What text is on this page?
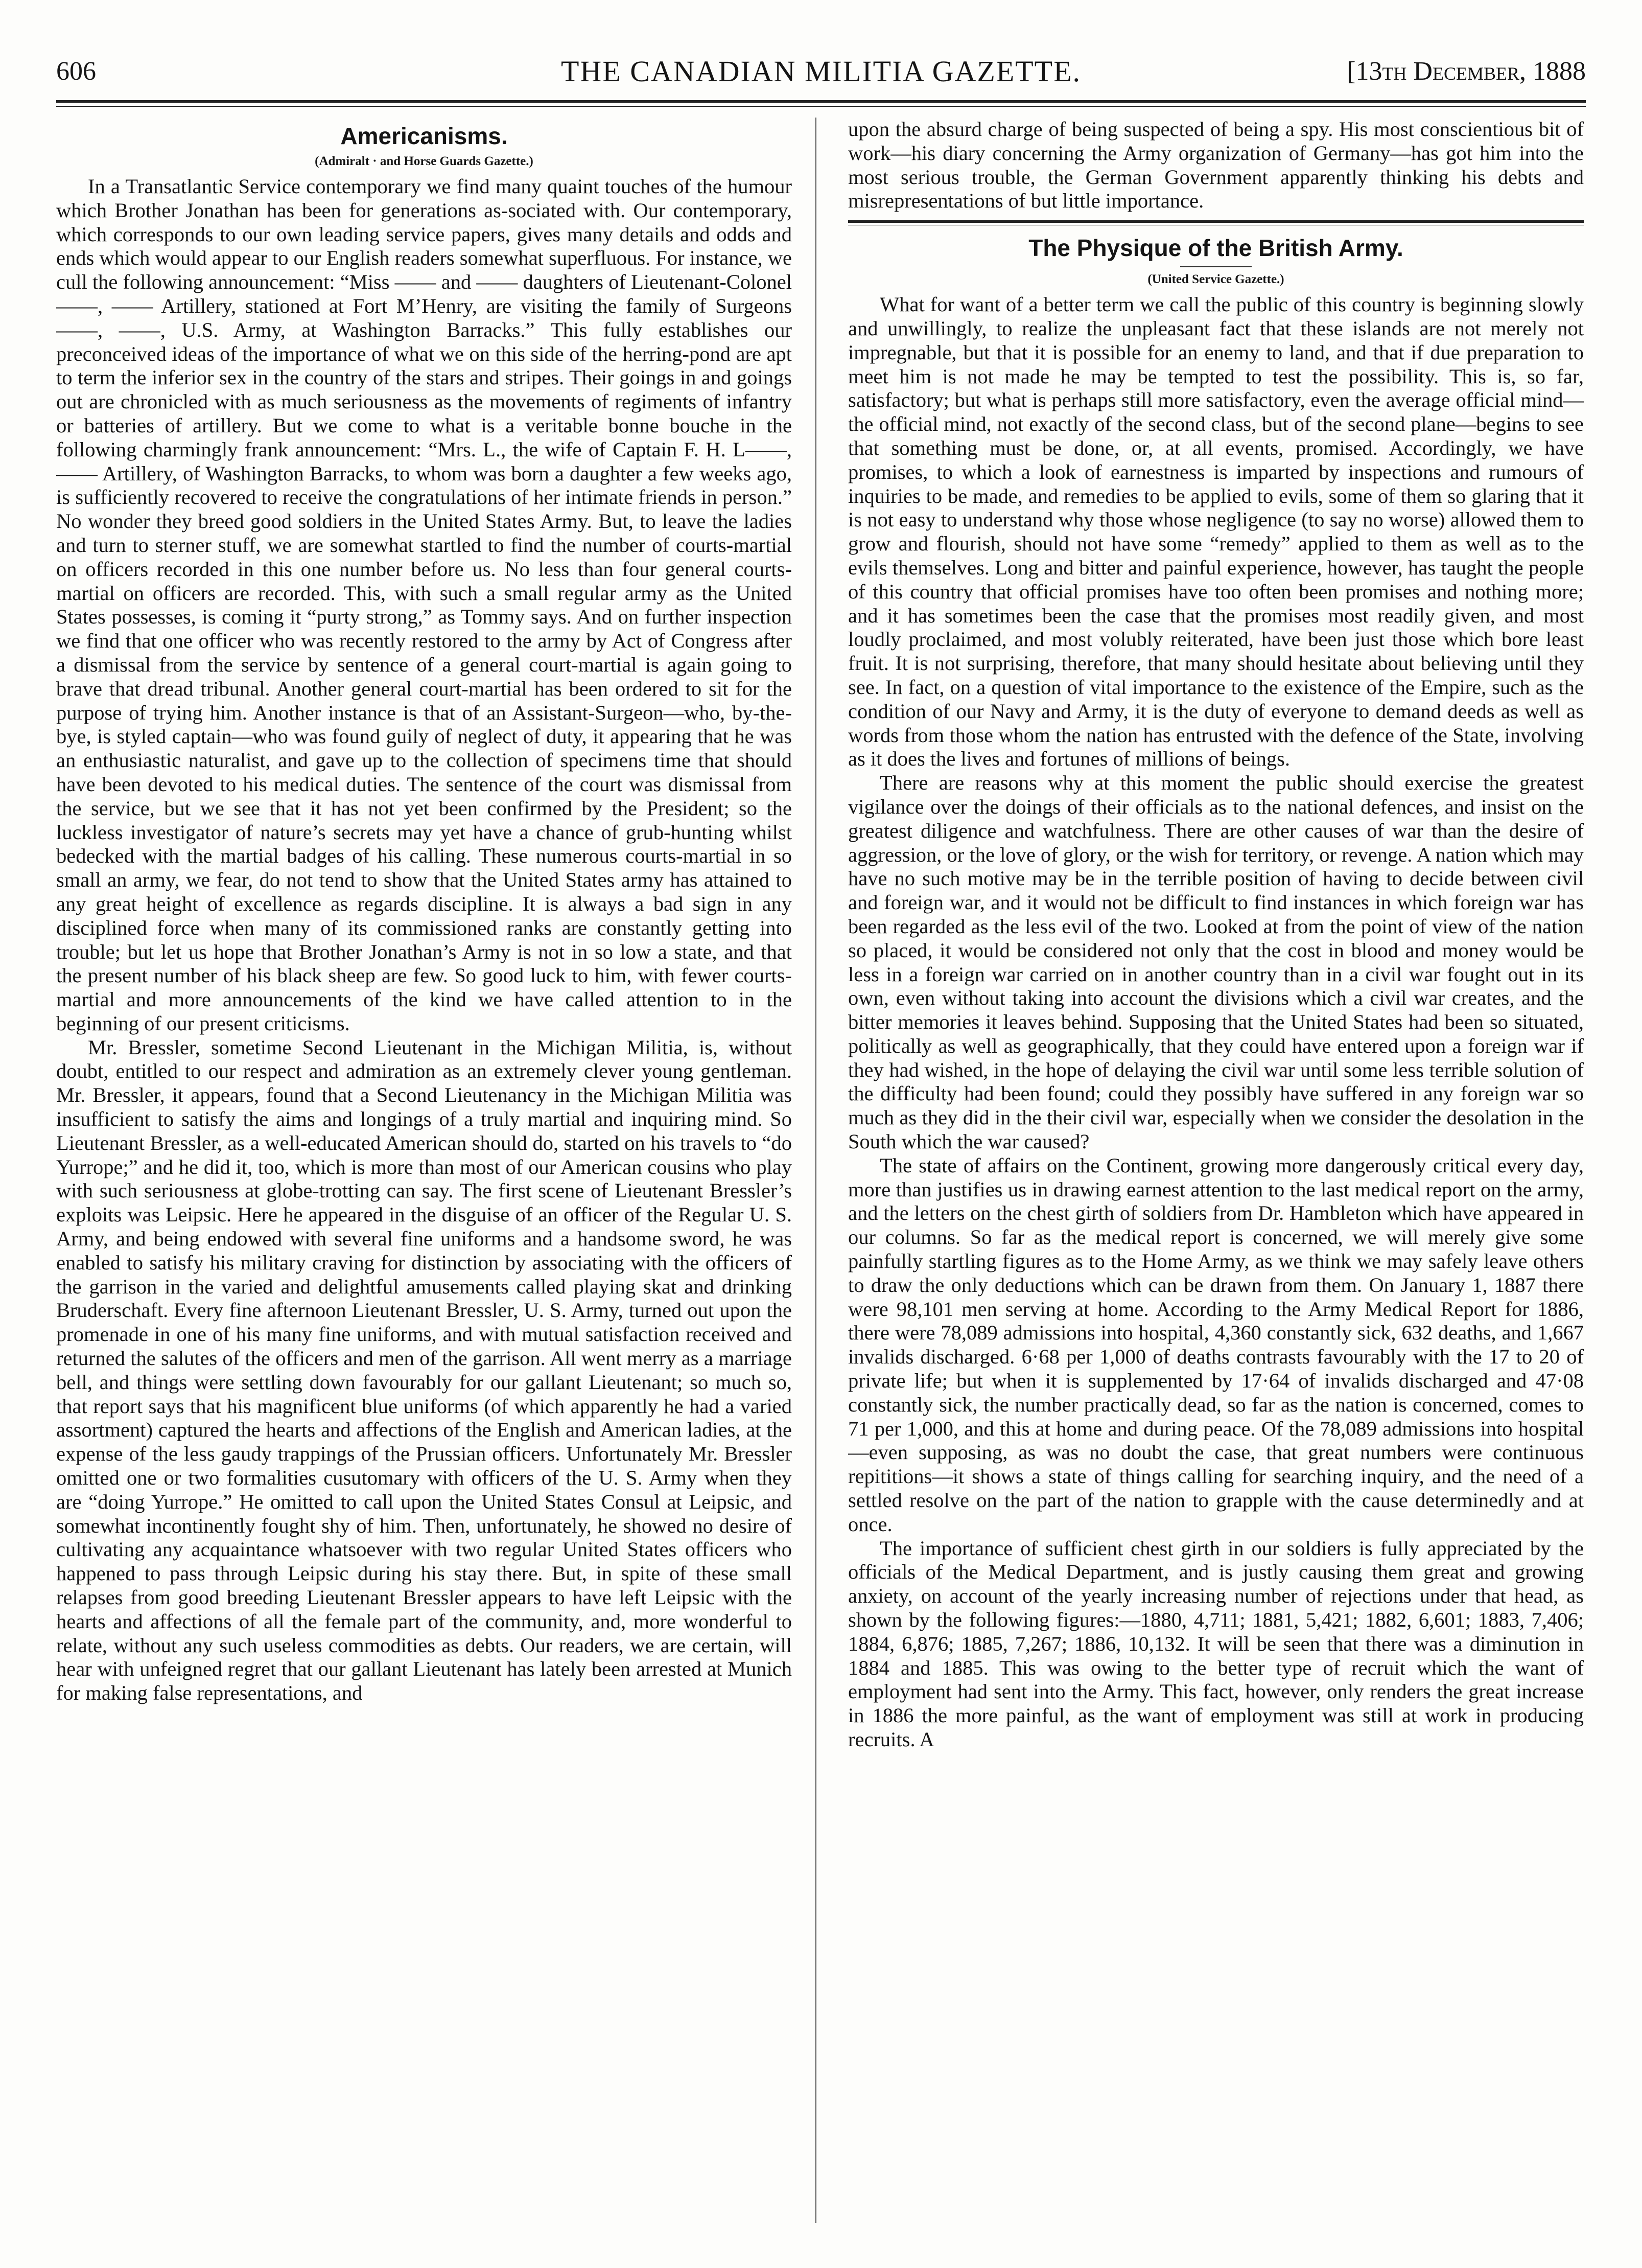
606	THE CANADIAN MILITIA GAZETTE.	[13th December, 1888
Americanisms.
(Admiralt · and Horse Guards Gazette.)

In a Transatlantic Service contemporary we find many quaint touches of the humour which Brother Jonathan has been for generations as-sociated with. Our contemporary, which corresponds to our own leading service papers, gives many details and odds and ends which would appear to our English readers somewhat superfluous. For instance, we cull the following announcement: “Miss —— and —— daughters of Lieutenant-Colonel ——, —— Artillery, stationed at Fort M’Henry, are visiting the family of Surgeons ——, ——, U.S. Army, at Washington Barracks.” This fully establishes our preconceived ideas of the importance of what we on this side of the herring-pond are apt to term the inferior sex in the country of the stars and stripes. Their goings in and goings out are chronicled with as much seriousness as the movements of regiments of infantry or batteries of artillery. But we come to what is a veritable bonne bouche in the following charmingly frank announcement: “Mrs. L., the wife of Captain F. H. L——, —— Artillery, of Washington Barracks, to whom was born a daughter a few weeks ago, is sufficiently recovered to receive the congratulations of her intimate friends in person.” No wonder they breed good soldiers in the United States Army. But, to leave the ladies and turn to sterner stuff, we are somewhat startled to find the number of courts-martial on officers recorded in this one number before us. No less than four general courts-martial on officers are recorded. This, with such a small regular army as the United States possesses, is coming it “purty strong,” as Tommy says. And on further inspection we find that one officer who was recently restored to the army by Act of Congress after a dismissal from the service by sentence of a general court-martial is again going to brave that dread tribunal. Another general court-martial has been ordered to sit for the purpose of trying him. Another instance is that of an Assistant-Surgeon—who, by-the-bye, is styled captain—who was found guily of neglect of duty, it appearing that he was an enthusiastic naturalist, and gave up to the collection of specimens time that should have been devoted to his medical duties. The sentence of the court was dismissal from the service, but we see that it has not yet been confirmed by the President; so the luckless investigator of nature’s secrets may yet have a chance of grub-hunting whilst bedecked with the martial badges of his calling. These numerous courts-martial in so small an army, we fear, do not tend to show that the United States army has attained to any great height of excellence as regards discipline. It is always a bad sign in any disciplined force when many of its commissioned ranks are constantly getting into trouble; but let us hope that Brother Jonathan’s Army is not in so low a state, and that the present number of his black sheep are few. So good luck to him, with fewer courts-martial and more announcements of the kind we have called attention to in the beginning of our present criticisms.

Mr. Bressler, sometime Second Lieutenant in the Michigan Militia, is, without doubt, entitled to our respect and admiration as an extremely clever young gentleman. Mr. Bressler, it appears, found that a Second Lieutenancy in the Michigan Militia was insufficient to satisfy the aims and longings of a truly martial and inquiring mind. So Lieutenant Bressler, as a well-educated American should do, started on his travels to “do Yurrope;” and he did it, too, which is more than most of our American cousins who play with such seriousness at globe-trotting can say. The first scene of Lieutenant Bressler’s exploits was Leipsic. Here he appeared in the disguise of an officer of the Regular U. S. Army, and being endowed with several fine uniforms and a handsome sword, he was enabled to satisfy his military craving for distinction by associating with the officers of the garrison in the varied and delightful amusements called playing skat and drinking Bruderschaft. Every fine afternoon Lieutenant Bressler, U. S. Army, turned out upon the promenade in one of his many fine uniforms, and with mutual satisfaction received and returned the salutes of the officers and men of the garrison. All went merry as a marriage bell, and things were settling down favourably for our gallant Lieutenant; so much so, that report says that his magnificent blue uniforms (of which apparently he had a varied assortment) captured the hearts and affections of the English and American ladies, at the expense of the less gaudy trappings of the Prussian officers. Unfortunately Mr. Bressler omitted one or two formalities cusutomary with officers of the U. S. Army when they are “doing Yurrope.” He omitted to call upon the United States Consul at Leipsic, and somewhat incontinently fought shy of him. Then, unfortunately, he showed no desire of cultivating any acquaintance whatsoever with two regular United States officers who happened to pass through Leipsic during his stay there. But, in spite of these small relapses from good breeding Lieutenant Bressler appears to have left Leipsic with the hearts and affections of all the female part of the community, and, more wonderful to relate, without any such useless commodities as debts. Our readers, we are certain, will hear with unfeigned regret that our gallant Lieutenant has lately been arrested at Munich for making false representations, and

upon the absurd charge of being suspected of being a spy. His most conscientious bit of work—his diary concerning the Army organization of Germany—has got him into the most serious trouble, the German Government apparently thinking his debts and misrepresentations of but little importance.

The Physique of the British Army.
(United Service Gazette.)

What for want of a better term we call the public of this country is beginning slowly and unwillingly, to realize the unpleasant fact that these islands are not merely not impregnable, but that it is possible for an enemy to land, and that if due preparation to meet him is not made he may be tempted to test the possibility. This is, so far, satisfactory; but what is perhaps still more satisfactory, even the average official mind—the official mind, not exactly of the second class, but of the second plane—begins to see that something must be done, or, at all events, promised. Accordingly, we have promises, to which a look of earnestness is imparted by inspections and rumours of inquiries to be made, and remedies to be applied to evils, some of them so glaring that it is not easy to understand why those whose negligence (to say no worse) allowed them to grow and flourish, should not have some “remedy” applied to them as well as to the evils themselves. Long and bitter and painful experience, however, has taught the people of this country that official promises have too often been promises and nothing more; and it has sometimes been the case that the promises most readily given, and most loudly proclaimed, and most volubly reiterated, have been just those which bore least fruit. It is not surprising, therefore, that many should hesitate about believing until they see. In fact, on a question of vital importance to the existence of the Empire, such as the condition of our Navy and Army, it is the duty of everyone to demand deeds as well as words from those whom the nation has entrusted with the defence of the State, involving as it does the lives and fortunes of millions of beings.

There are reasons why at this moment the public should exercise the greatest vigilance over the doings of their officials as to the national defences, and insist on the greatest diligence and watchfulness. There are other causes of war than the desire of aggression, or the love of glory, or the wish for territory, or revenge. A nation which may have no such motive may be in the terrible position of having to decide between civil and foreign war, and it would not be difficult to find instances in which foreign war has been regarded as the less evil of the two. Looked at from the point of view of the nation so placed, it would be considered not only that the cost in blood and money would be less in a foreign war carried on in another country than in a civil war fought out in its own, even without taking into account the divisions which a civil war creates, and the bitter memories it leaves behind. Supposing that the United States had been so situated, politically as well as geographically, that they could have entered upon a foreign war if they had wished, in the hope of delaying the civil war until some less terrible solution of the difficulty had been found; could they possibly have suffered in any foreign war so much as they did in the their civil war, especially when we consider the desolation in the South which the war caused?

The state of affairs on the Continent, growing more dangerously critical every day, more than justifies us in drawing earnest attention to the last medical report on the army, and the letters on the chest girth of soldiers from Dr. Hambleton which have appeared in our columns. So far as the medical report is concerned, we will merely give some painfully startling figures as to the Home Army, as we think we may safely leave others to draw the only deductions which can be drawn from them. On January 1, 1887 there were 98,101 men serving at home. According to the Army Medical Report for 1886, there were 78,089 admissions into hospital, 4,360 constantly sick, 632 deaths, and 1,667 invalids discharged. 6·68 per 1,000 of deaths contrasts favourably with the 17 to 20 of private life; but when it is supplemented by 17·64 of invalids discharged and 47·08 constantly sick, the number practically dead, so far as the nation is concerned, comes to 71 per 1,000, and this at home and during peace. Of the 78,089 admissions into hospital—even supposing, as was no doubt the case, that great numbers were continuous repititions—it shows a state of things calling for searching inquiry, and the need of a settled resolve on the part of the nation to grapple with the cause determinedly and at once.

The importance of sufficient chest girth in our soldiers is fully appreciated by the officials of the Medical Department, and is justly causing them great and growing anxiety, on account of the yearly increasing number of rejections under that head, as shown by the following figures:—1880, 4,711; 1881, 5,421; 1882, 6,601; 1883, 7,406; 1884, 6,876; 1885, 7,267; 1886, 10,132. It will be seen that there was a diminution in 1884 and 1885. This was owing to the better type of recruit which the want of employment had sent into the Army. This fact, however, only renders the great increase in 1886 the more painful, as the want of employment was still at work in producing recruits. A
